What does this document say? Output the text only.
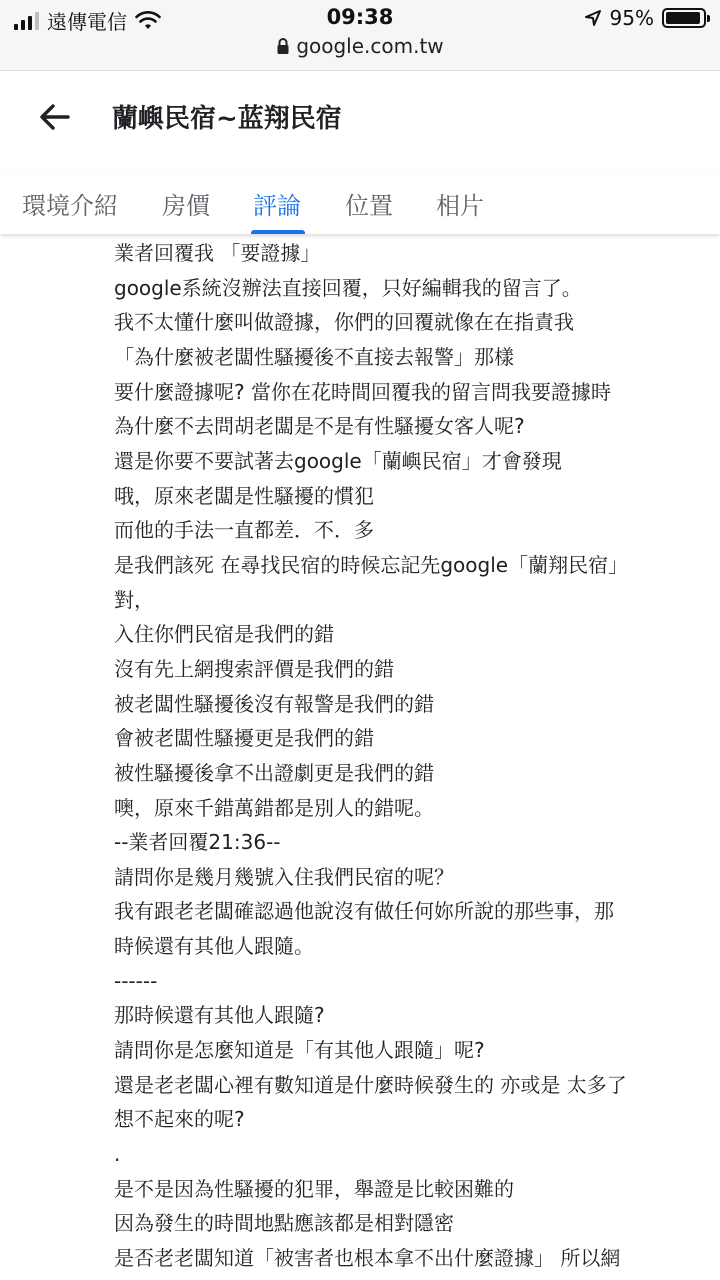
遠傳電信	09:38	95%
google.com.tw
蘭嶼民宿~蓝翔民宿
環境介紹 房價 評論 位置 相片
業者回覆我 「要證據」
google系統沒辦法直接回覆，只好編輯我的留言了。
我不太懂什麼叫做證據，你們的回覆就像在在指責我
「為什麼被老闆性騷擾後不直接去報警」那樣
要什麼證據呢? 當你在花時間回覆我的留言問我要證據時
為什麼不去問胡老闆是不是有性騷擾女客人呢?
還是你要不要試著去google「蘭嶼民宿」才會發現
哦，原來老闆是性騷擾的慣犯
而他的手法一直都差．不．多
是我們該死 在尋找民宿的時候忘記先google「蘭翔民宿」
對，
入住你們民宿是我們的錯
沒有先上網搜索評價是我們的錯
被老闆性騷擾後沒有報警是我們的錯
會被老闆性騷擾更是我們的錯
被性騷擾後拿不出證劇更是我們的錯
噢，原來千錯萬錯都是別人的錯呢。
--業者回覆21:36--
請問你是幾月幾號入住我們民宿的呢？
我有跟老老闆確認過他說沒有做任何妳所說的那些事，那
時候還有其他人跟隨。
------
那時候還有其他人跟隨?
請問你是怎麼知道是「有其他人跟隨」呢?
還是老老闆心裡有數知道是什麼時候發生的 亦或是 太多了
想不起來的呢?
.
是不是因為性騷擾的犯罪，舉證是比較困難的
因為發生的時間地點應該都是相對隱密
是否老老闆知道「被害者也根本拿不出什麼證據」 所以網
